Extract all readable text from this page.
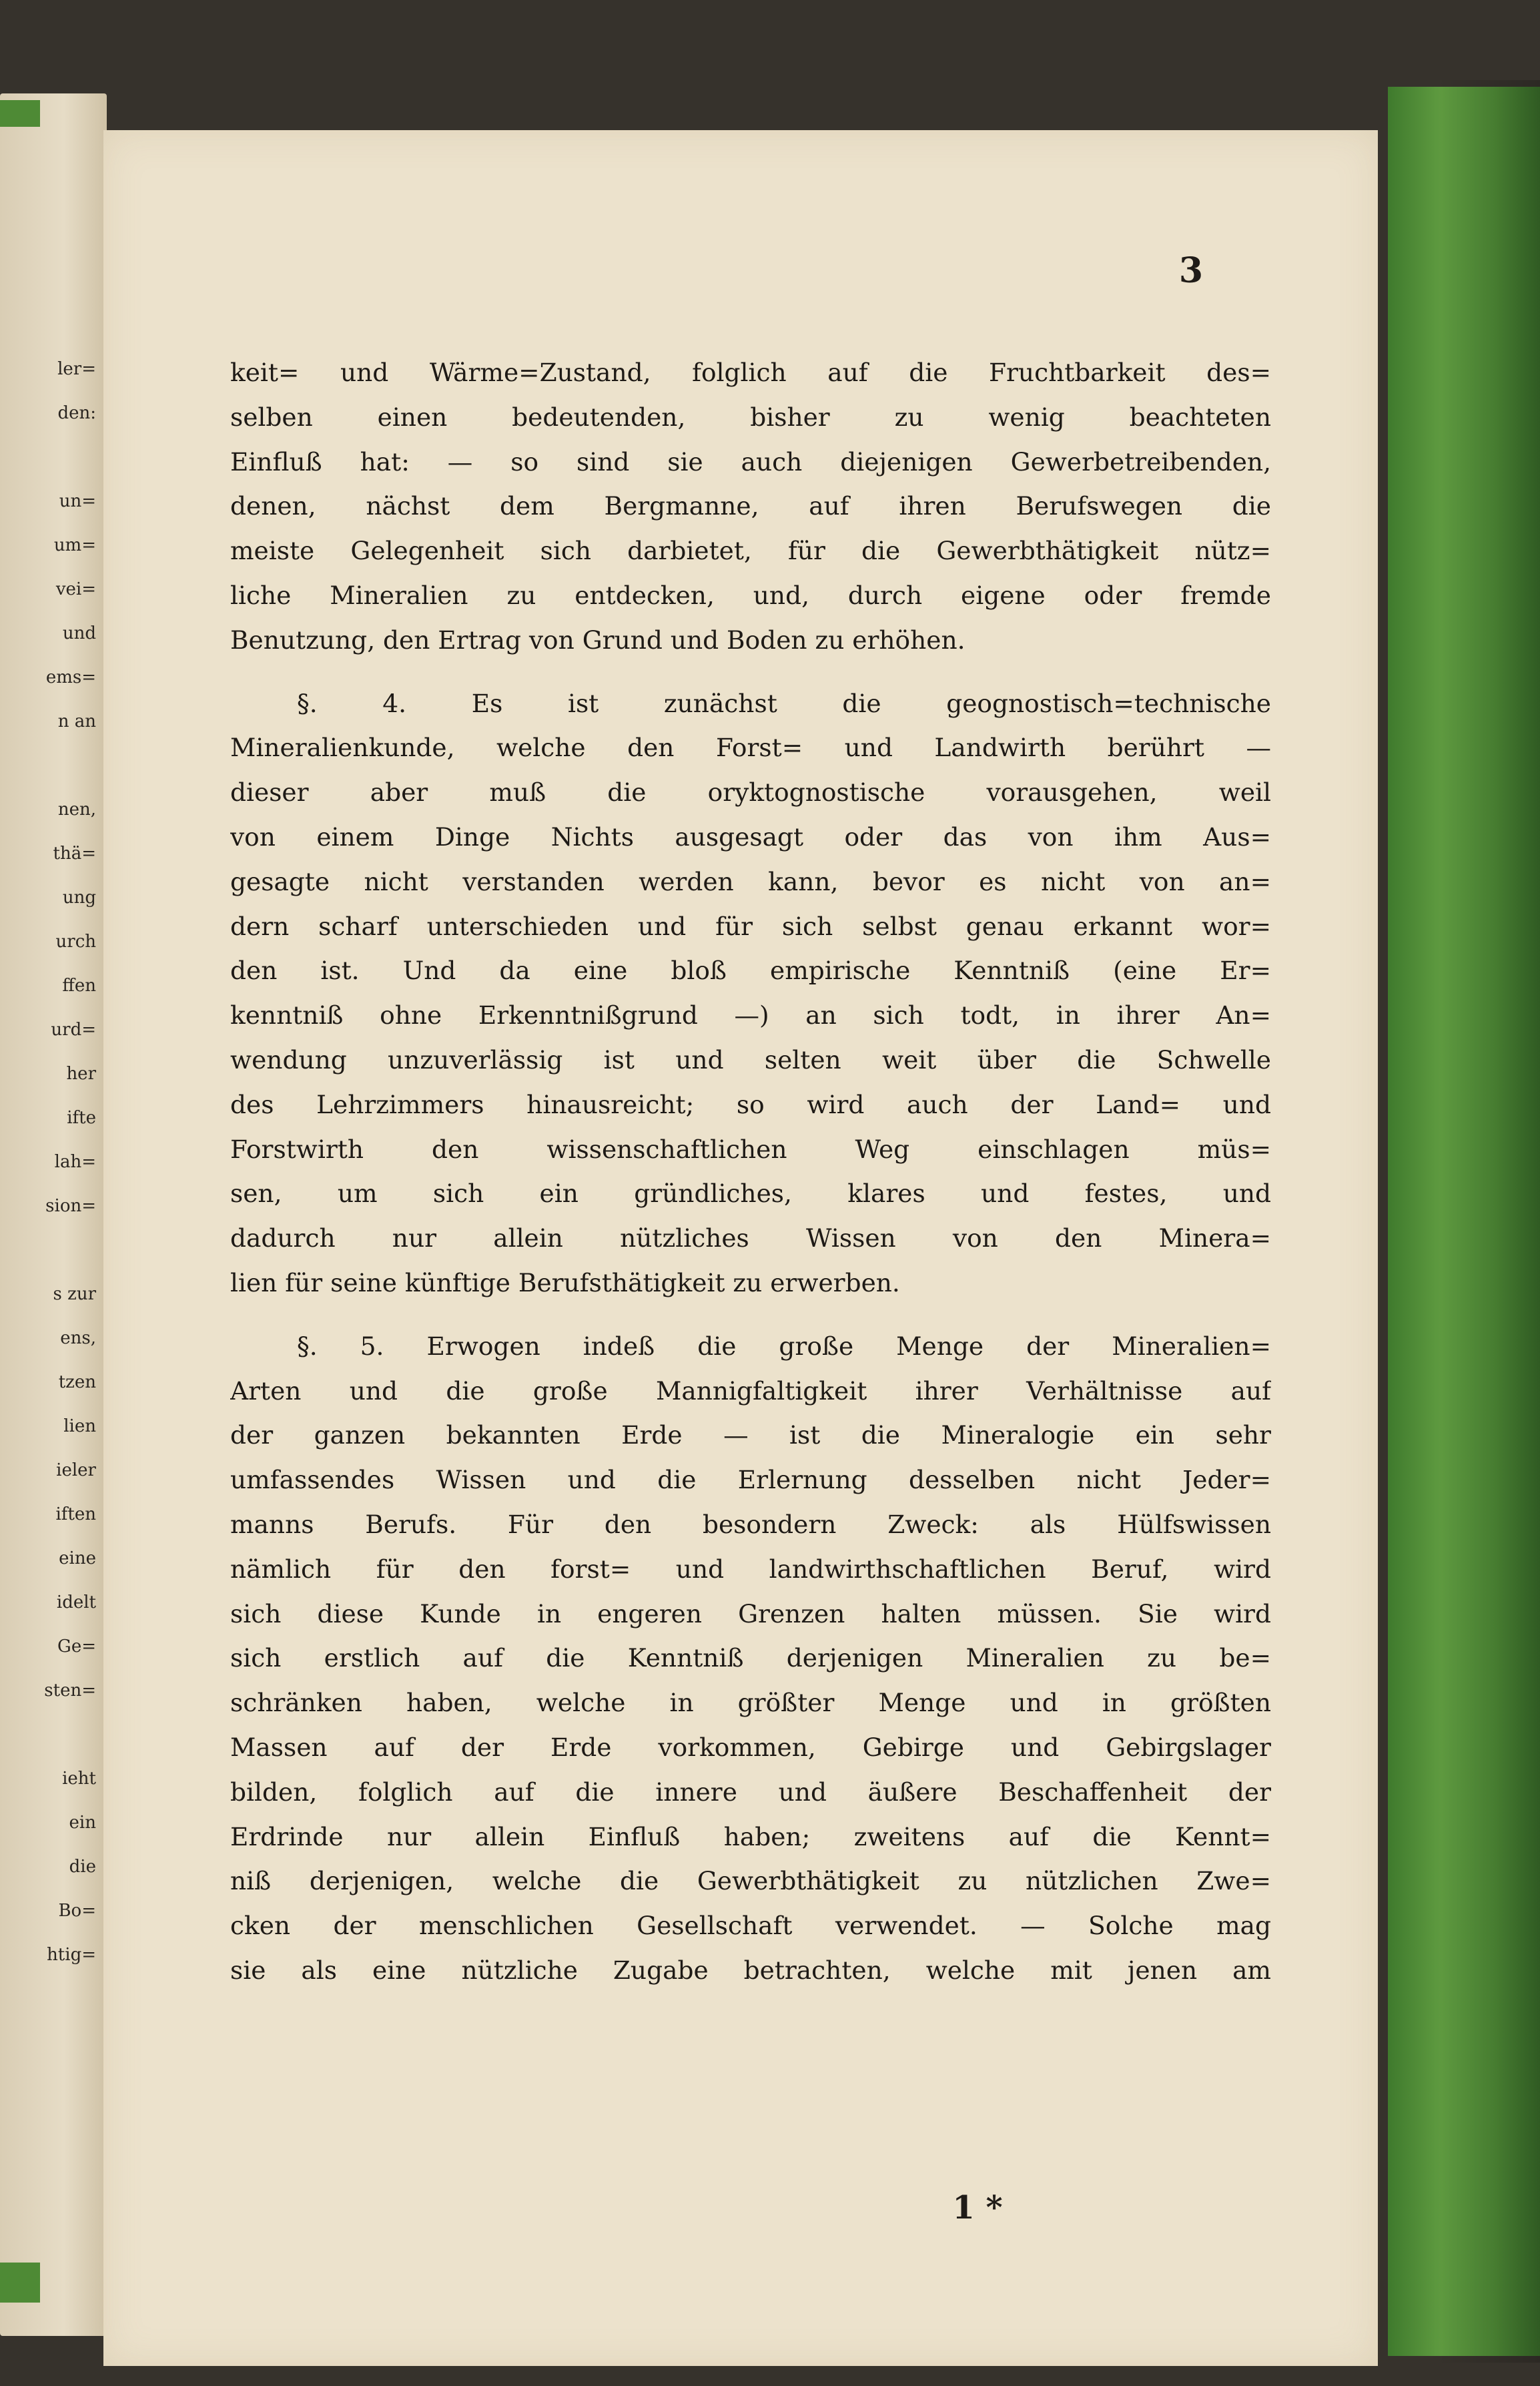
ler=
den:
un=
um=
vei=
und
ems=
n an
nen,
thä=
ung
urch
ffen
urd=
her
ifte
lah=
sion=
s zur
ens,
tzen
lien
ieler
iften
eine
idelt
Ge=
sten=
ieht
ein
die
Bo=
htig=
3
keit= und Wärme=Zustand, folglich auf die Fruchtbarkeit des=
selben einen bedeutenden, bisher zu wenig beachteten
Einfluß hat: — so sind sie auch diejenigen Gewerbetreibenden,
denen, nächst dem Bergmanne, auf ihren Berufswegen die
meiste Gelegenheit sich darbietet, für die Gewerbthätigkeit nütz=
liche Mineralien zu entdecken, und, durch eigene oder fremde
Benutzung, den Ertrag von Grund und Boden zu erhöhen.
§. 4. Es ist zunächst die geognostisch=technische
Mineralienkunde, welche den Forst= und Landwirth berührt —
dieser aber muß die oryktognostische vorausgehen, weil
von einem Dinge Nichts ausgesagt oder das von ihm Aus=
gesagte nicht verstanden werden kann, bevor es nicht von an=
dern scharf unterschieden und für sich selbst genau erkannt wor=
den ist. Und da eine bloß empirische Kenntniß (eine Er=
kenntniß ohne Erkenntnißgrund —) an sich todt, in ihrer An=
wendung unzuverlässig ist und selten weit über die Schwelle
des Lehrzimmers hinausreicht; so wird auch der Land= und
Forstwirth den wissenschaftlichen Weg einschlagen müs=
sen, um sich ein gründliches, klares und festes, und
dadurch nur allein nützliches Wissen von den Minera=
lien für seine künftige Berufsthätigkeit zu erwerben.
§. 5. Erwogen indeß die große Menge der Mineralien=
Arten und die große Mannigfaltigkeit ihrer Verhältnisse auf
der ganzen bekannten Erde — ist die Mineralogie ein sehr
umfassendes Wissen und die Erlernung desselben nicht Jeder=
manns Berufs. Für den besondern Zweck: als Hülfswissen
nämlich für den forst= und landwirthschaftlichen Beruf, wird
sich diese Kunde in engeren Grenzen halten müssen. Sie wird
sich erstlich auf die Kenntniß derjenigen Mineralien zu be=
schränken haben, welche in größter Menge und in größten
Massen auf der Erde vorkommen, Gebirge und Gebirgslager
bilden, folglich auf die innere und äußere Beschaffenheit der
Erdrinde nur allein Einfluß haben; zweitens auf die Kennt=
niß derjenigen, welche die Gewerbthätigkeit zu nützlichen Zwe=
cken der menschlichen Gesellschaft verwendet. — Solche mag
sie als eine nützliche Zugabe betrachten, welche mit jenen am
1 *
